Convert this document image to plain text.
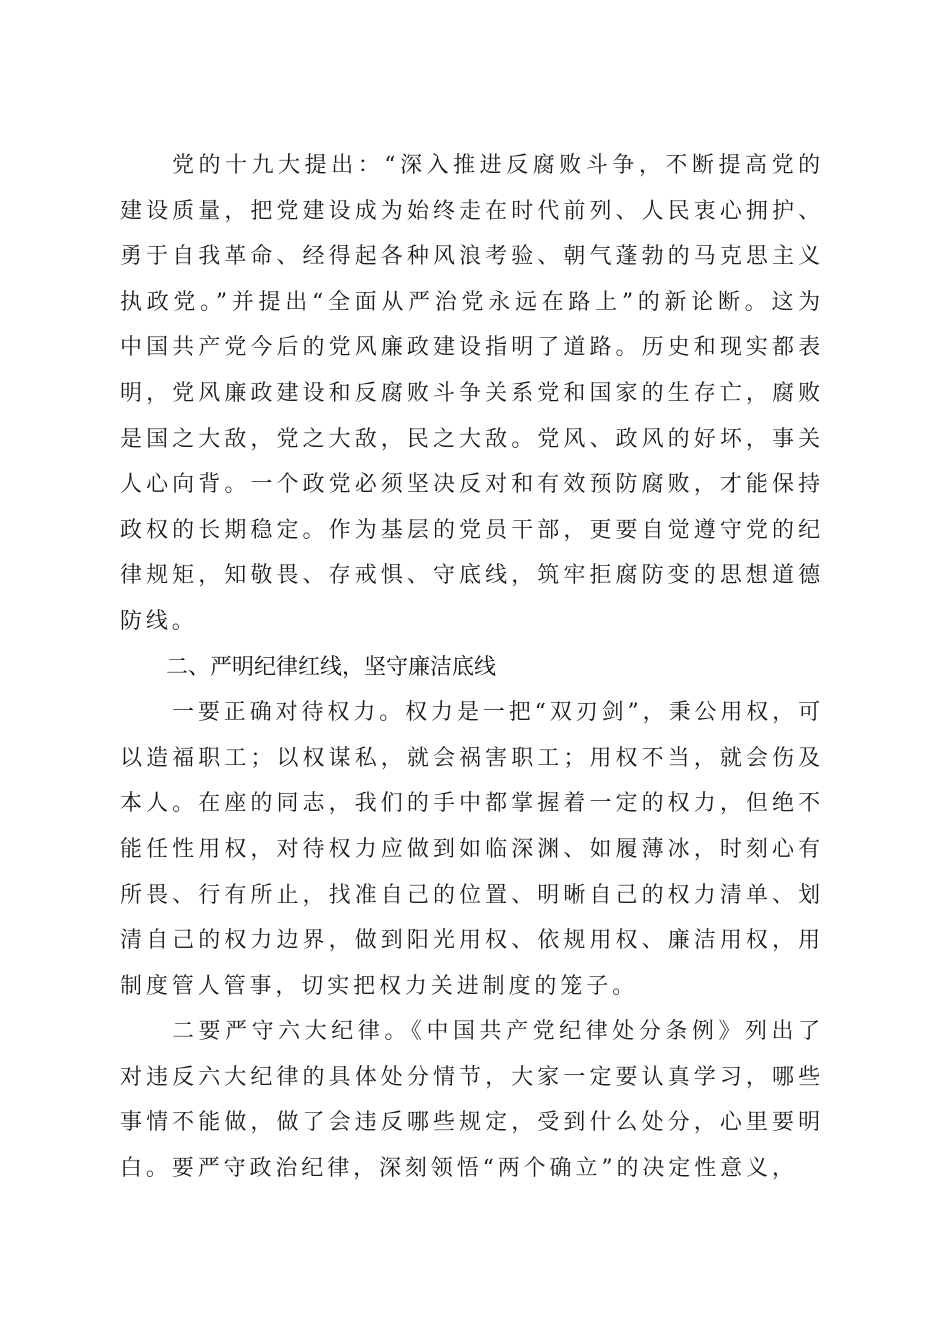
党的十九大提出：“深入推进反腐败斗争，不断提高党的建设质量，把党建设成为始终走在时代前列、人民衷心拥护、勇于自我革命、经得起各种风浪考验、朝气蓬勃的马克思主义执政党。”并提出“全面从严治党永远在路上”的新论断。这为中国共产党今后的党风廉政建设指明了道路。历史和现实都表明，党风廉政建设和反腐败斗争关系党和国家的生存亡，腐败是国之大敌，党之大敌，民之大敌。党风、政风的好坏，事关人心向背。一个政党必须坚决反对和有效预防腐败，才能保持政权的长期稳定。作为基层的党员干部，更要自觉遵守党的纪律规矩，知敬畏、存戒惧、守底线，筑牢拒腐防变的思想道德防线。

二、严明纪律红线，坚守廉洁底线

一要正确对待权力。权力是一把“双刃剑”，秉公用权，可以造福职工；以权谋私，就会祸害职工；用权不当，就会伤及本人。在座的同志，我们的手中都掌握着一定的权力，但绝不能任性用权，对待权力应做到如临深渊、如履薄冰，时刻心有所畏、行有所止，找准自己的位置、明晰自己的权力清单、划清自己的权力边界，做到阳光用权、依规用权、廉洁用权，用制度管人管事，切实把权力关进制度的笼子。

二要严守六大纪律。《中国共产党纪律处分条例》列出了对违反六大纪律的具体处分情节，大家一定要认真学习，哪些事情不能做，做了会违反哪些规定，受到什么处分，心里要明白。要严守政治纪律，深刻领悟“两个确立”的决定性意义，
